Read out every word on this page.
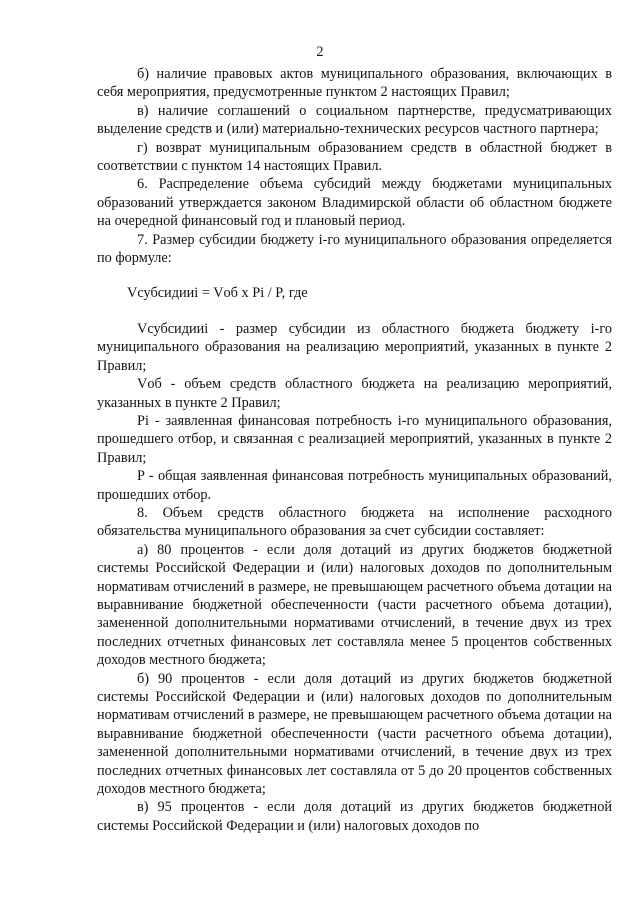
2

б) наличие правовых актов муниципального образования, включающих в себя мероприятия, предусмотренные пунктом 2 настоящих Правил;

в) наличие соглашений о социальном партнерстве, предусматривающих выделение средств и (или) материально-технических ресурсов частного партнера;

г) возврат муниципальным образованием средств в областной бюджет в соответствии с пунктом 14 настоящих Правил.

6. Распределение объема субсидий между бюджетами муниципальных образований утверждается законом Владимирской области об областном бюджете на очередной финансовый год и плановый период.

7. Размер субсидии бюджету i-го муниципального образования определяется по формуле:

Vсубсидииi = Vоб x Pi / P, где

Vсубсидииi - размер субсидии из областного бюджета бюджету i-го муниципального образования на реализацию мероприятий, указанных в пункте 2 Правил;

Vоб - объем средств областного бюджета на реализацию мероприятий, указанных в пункте 2 Правил;

Pi - заявленная финансовая потребность i-го муниципального образования, прошедшего отбор, и связанная с реализацией мероприятий, указанных в пункте 2 Правил;

P - общая заявленная финансовая потребность муниципальных образований, прошедших отбор.

8. Объем средств областного бюджета на исполнение расходного обязательства муниципального образования за счет субсидии составляет:

а) 80 процентов - если доля дотаций из других бюджетов бюджетной системы Российской Федерации и (или) налоговых доходов по дополнительным нормативам отчислений в размере, не превышающем расчетного объема дотации на выравнивание бюджетной обеспеченности (части расчетного объема дотации), замененной дополнительными нормативами отчислений, в течение двух из трех последних отчетных финансовых лет составляла менее 5 процентов собственных доходов местного бюджета;

б) 90 процентов - если доля дотаций из других бюджетов бюджетной системы Российской Федерации и (или) налоговых доходов по дополнительным нормативам отчислений в размере, не превышающем расчетного объема дотации на выравнивание бюджетной обеспеченности (части расчетного объема дотации), замененной дополнительными нормативами отчислений, в течение двух из трех последних отчетных финансовых лет составляла от 5 до 20 процентов собственных доходов местного бюджета;

в) 95 процентов - если доля дотаций из других бюджетов бюджетной системы Российской Федерации и (или) налоговых доходов по
